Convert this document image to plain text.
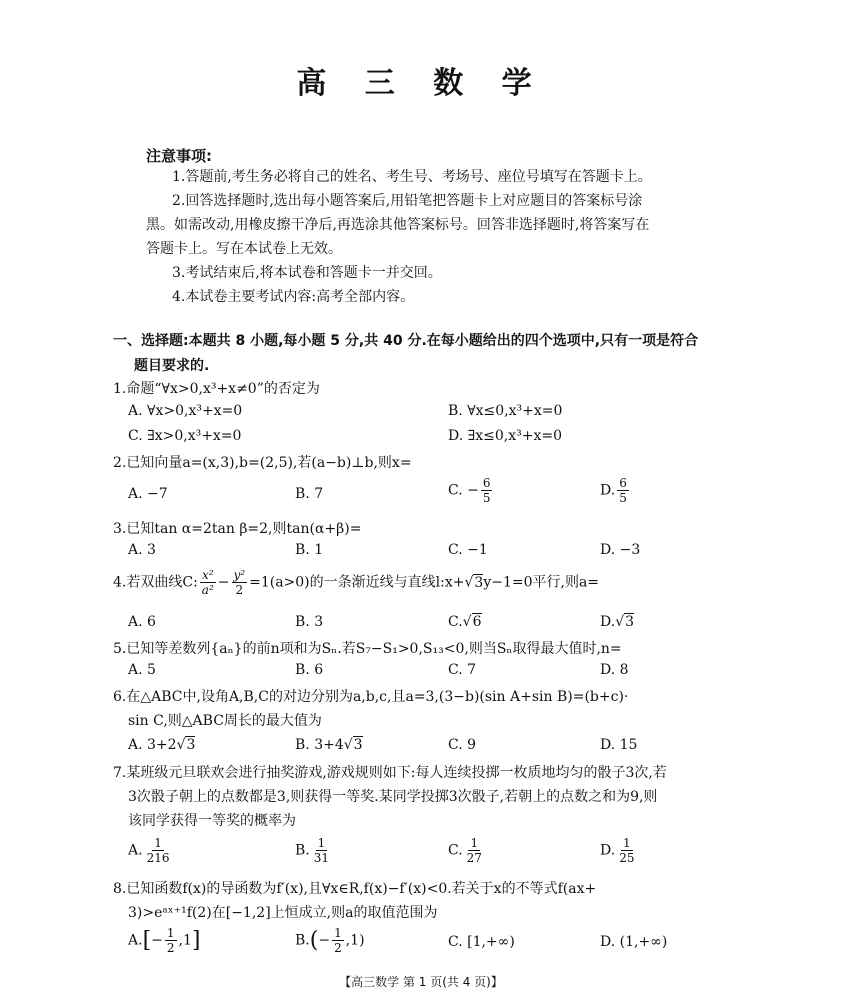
高 三 数 学
注意事项:
1.答题前,考生务必将自己的姓名、考生号、考场号、座位号填写在答题卡上。
2.回答选择题时,选出每小题答案后,用铅笔把答题卡上对应题目的答案标号涂
黑。如需改动,用橡皮擦干净后,再选涂其他答案标号。回答非选择题时,将答案写在
答题卡上。写在本试卷上无效。
3.考试结束后,将本试卷和答题卡一并交回。
4.本试卷主要考试内容:高考全部内容。
一、选择题:本题共 8 小题,每小题 5 分,共 40 分.在每小题给出的四个选项中,只有一项是符合
题目要求的.
1.命题“∀x>0,x³+x≠0”的否定为
A. ∀x>0,x³+x=0	B. ∀x≤0,x³+x=0
C. ∃x>0,x³+x=0	D. ∃x≤0,x³+x=0
2.已知向量a=(x,3),b=(2,5),若(a−b)⊥b,则x=
A. −7	B. 7	C. − $\frac{6}{5}$	D. $\frac{6}{5}$
3.已知tan α=2tan β=2,则tan(α+β)=
A. 3	B. 1	C. −1	D. −3
4.若双曲线C: $\frac{\text{x²}}{\text{a²}} - \frac{\text{y²}}{2} =1(a>0)$的一条渐近线与直线l:x+√3y−1=0平行,则a=
A. 6	B. 3	C.√6	D.√3
5.已知等差数列{aₙ}的前n项和为Sₙ.若S₇−S₁>0,S₁₃<0,则当Sₙ取得最大值时,n=
A. 5	B. 6	C. 7	D. 8
6.在△ABC中,设角A,B,C的对边分别为a,b,c,且a=3,(3−b)(sin A+sin B)=(b+c)·
sin C,则△ABC周长的最大值为
A. 3+2√3	B. 3+4√3	C. 9	D. 15
7.某班级元旦联欢会进行抽奖游戏,游戏规则如下:每人连续投掷一枚质地均匀的骰子3次,若
3次骰子朝上的点数都是3,则获得一等奖.某同学投掷3次骰子,若朝上的点数之和为9,则
该同学获得一等奖的概率为
A. $\frac{1}{216}$	B. $\frac{1}{31}$	C. $\frac{1}{27}$	D. $\frac{1}{25}$
8.已知函数f(x)的导函数为f′(x),且∀x∈R,f(x)−f′(x)<0.若关于x的不等式f(ax+
3)>eᵃˣ⁺¹f(2)在[−1,2]上恒成立,则a的取值范围为
$A.[- \frac{1}{2} ,1]$	$B.(- \frac{1}{2} ,1)$	C. [1,+∞)	D. (1,+∞)
【高三数学 第 1 页(共 4 页)】
